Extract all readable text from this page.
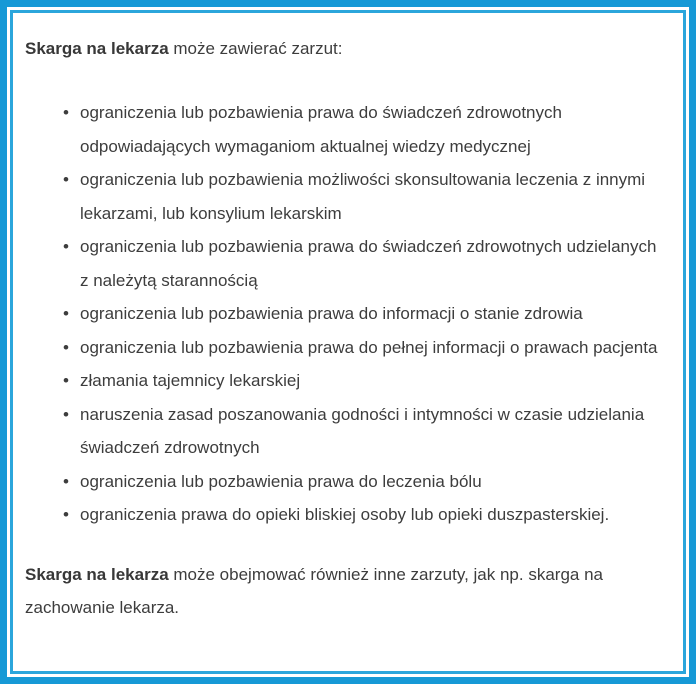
Skarga na lekarza może zawierać zarzut:

• ograniczenia lub pozbawienia prawa do świadczeń zdrowotnych odpowiadających wymaganiom aktualnej wiedzy medycznej
• ograniczenia lub pozbawienia możliwości skonsultowania leczenia z innymi lekarzami, lub konsylium lekarskim
• ograniczenia lub pozbawienia prawa do świadczeń zdrowotnych udzielanych z należytą starannością
• ograniczenia lub pozbawienia prawa do informacji o stanie zdrowia
• ograniczenia lub pozbawienia prawa do pełnej informacji o prawach pacjenta
• złamania tajemnicy lekarskiej
• naruszenia zasad poszanowania godności i intymności w czasie udzielania świadczeń zdrowotnych
• ograniczenia lub pozbawienia prawa do leczenia bólu
• ograniczenia prawa do opieki bliskiej osoby lub opieki duszpasterskiej.

Skarga na lekarza może obejmować również inne zarzuty, jak np. skarga na zachowanie lekarza.
